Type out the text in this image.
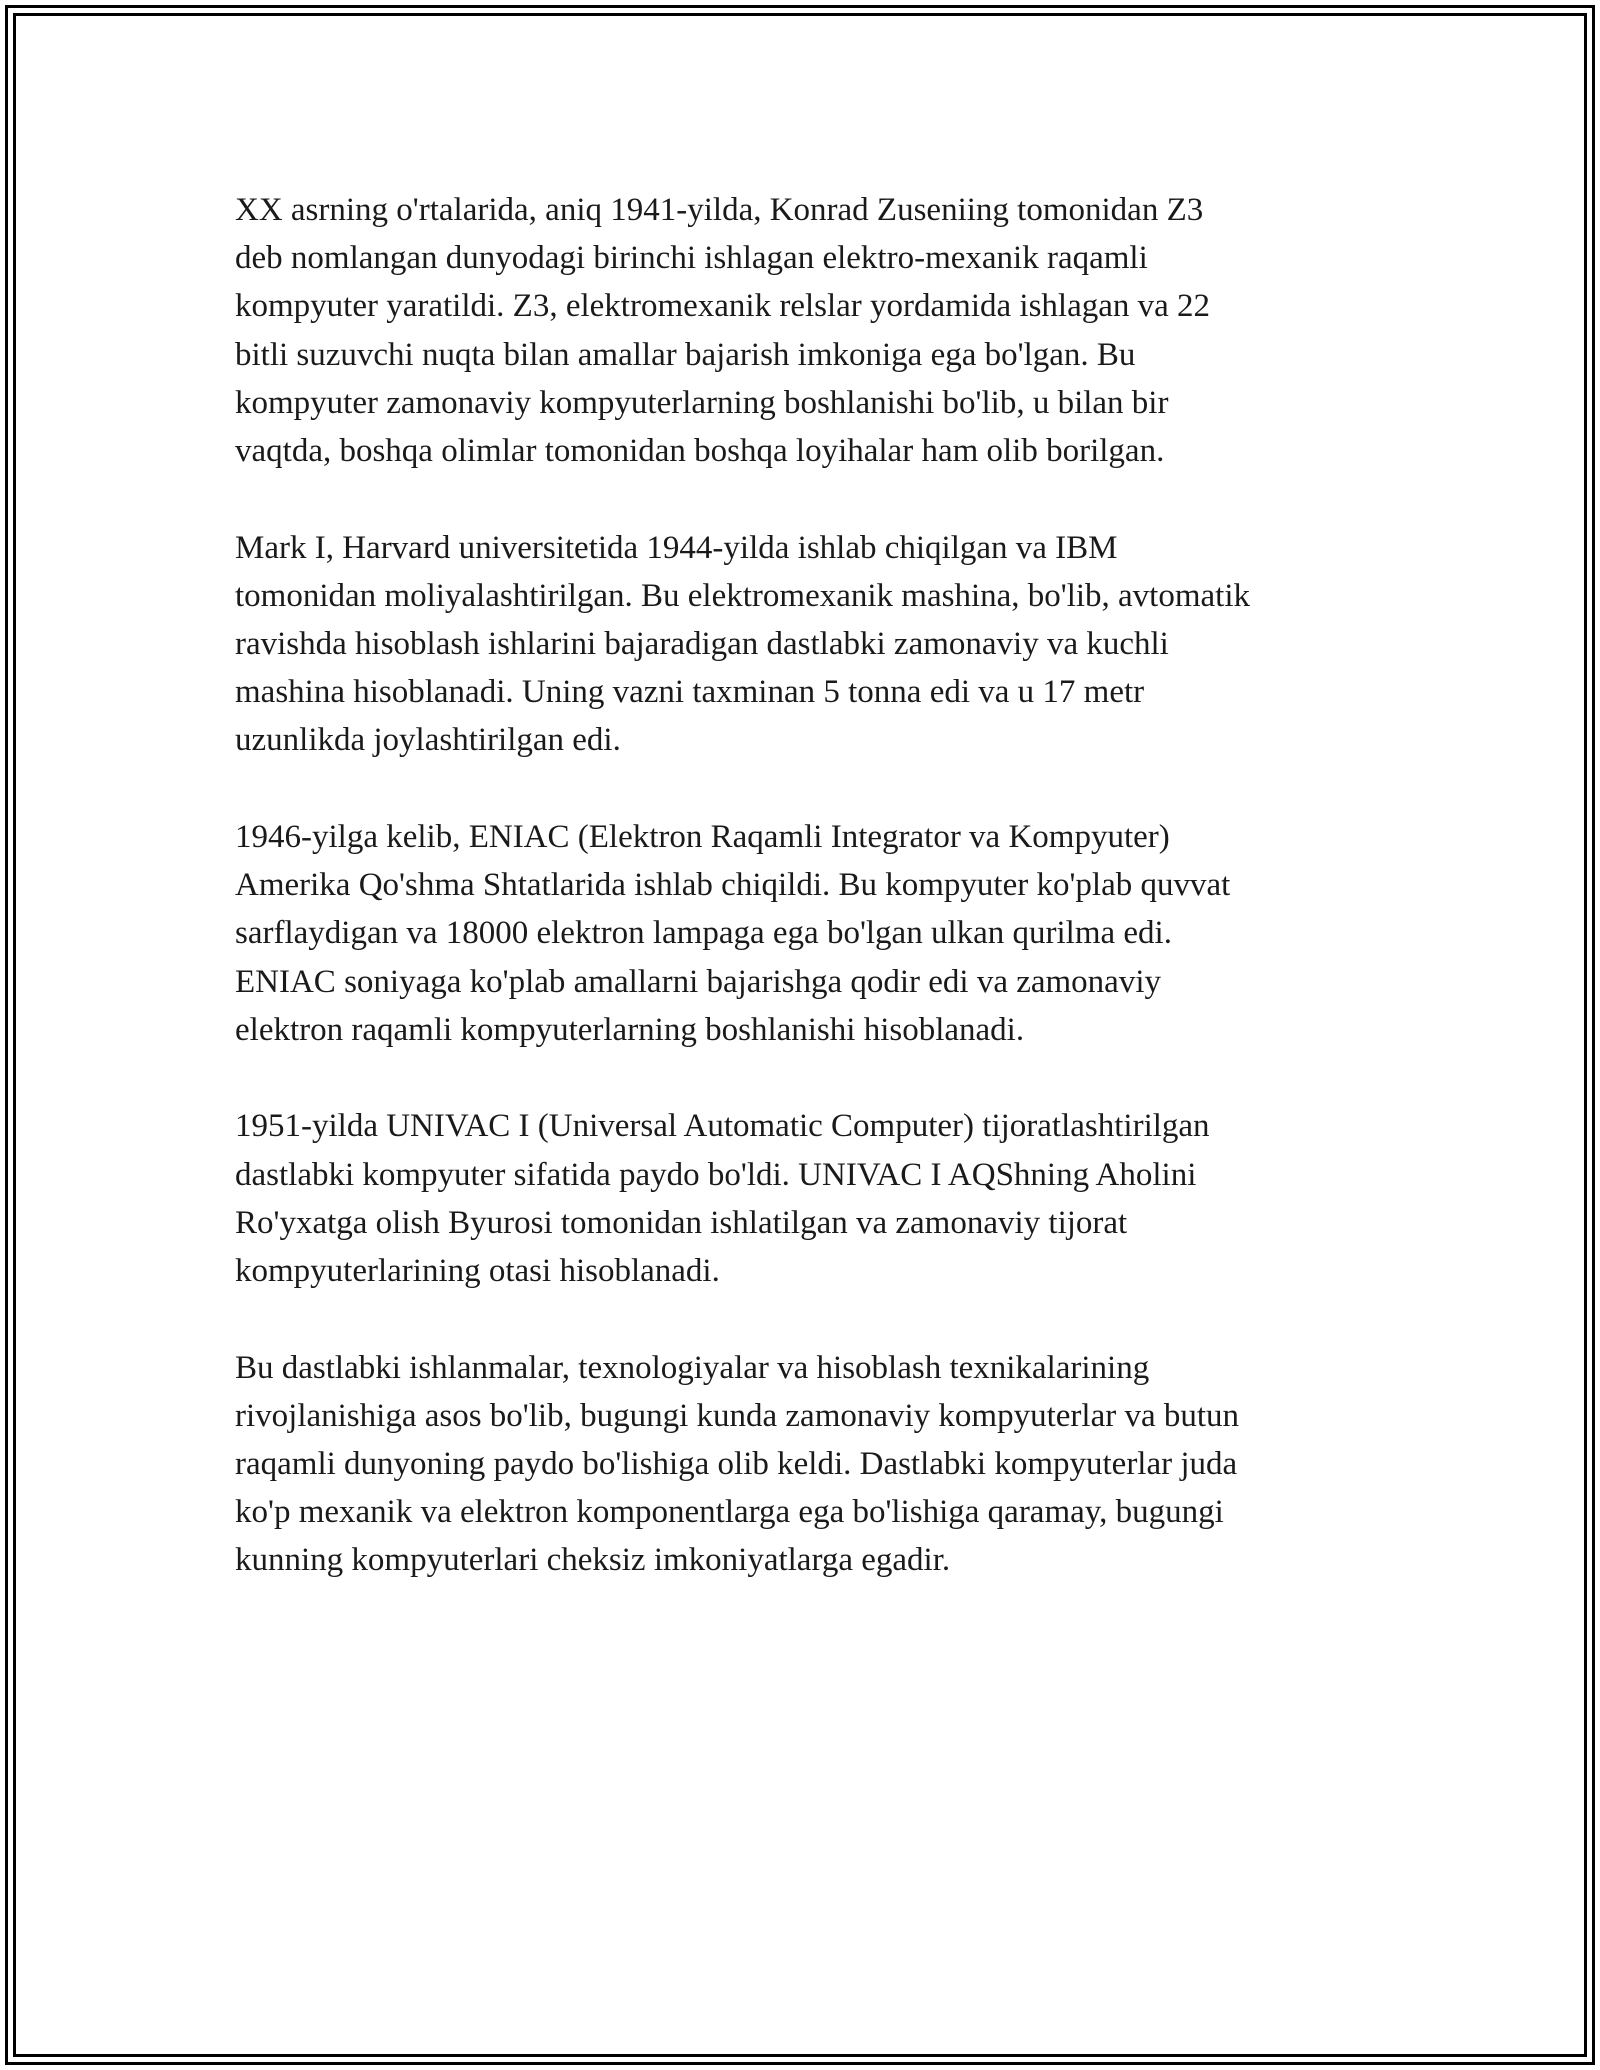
XX asrning o'rtalarida, aniq 1941-yilda, Konrad Zuseniing tomonidan Z3
deb nomlangan dunyodagi birinchi ishlagan elektro-mexanik raqamli
kompyuter yaratildi. Z3, elektromexanik relslar yordamida ishlagan va 22
bitli suzuvchi nuqta bilan amallar bajarish imkoniga ega bo'lgan. Bu
kompyuter zamonaviy kompyuterlarning boshlanishi bo'lib, u bilan bir
vaqtda, boshqa olimlar tomonidan boshqa loyihalar ham olib borilgan.

Mark I, Harvard universitetida 1944-yilda ishlab chiqilgan va IBM
tomonidan moliyalashtirilgan. Bu elektromexanik mashina, bo'lib, avtomatik
ravishda hisoblash ishlarini bajaradigan dastlabki zamonaviy va kuchli
mashina hisoblanadi. Uning vazni taxminan 5 tonna edi va u 17 metr
uzunlikda joylashtirilgan edi.

1946-yilga kelib, ENIAC (Elektron Raqamli Integrator va Kompyuter)
Amerika Qo'shma Shtatlarida ishlab chiqildi. Bu kompyuter ko'plab quvvat
sarflaydigan va 18000 elektron lampaga ega bo'lgan ulkan qurilma edi.
ENIAC soniyaga ko'plab amallarni bajarishga qodir edi va zamonaviy
elektron raqamli kompyuterlarning boshlanishi hisoblanadi.

1951-yilda UNIVAC I (Universal Automatic Computer) tijoratlashtirilgan
dastlabki kompyuter sifatida paydo bo'ldi. UNIVAC I AQShning Aholini
Ro'yxatga olish Byurosi tomonidan ishlatilgan va zamonaviy tijorat
kompyuterlarining otasi hisoblanadi.

Bu dastlabki ishlanmalar, texnologiyalar va hisoblash texnikalarining
rivojlanishiga asos bo'lib, bugungi kunda zamonaviy kompyuterlar va butun
raqamli dunyoning paydo bo'lishiga olib keldi. Dastlabki kompyuterlar juda
ko'p mexanik va elektron komponentlarga ega bo'lishiga qaramay, bugungi
kunning kompyuterlari cheksiz imkoniyatlarga egadir.
